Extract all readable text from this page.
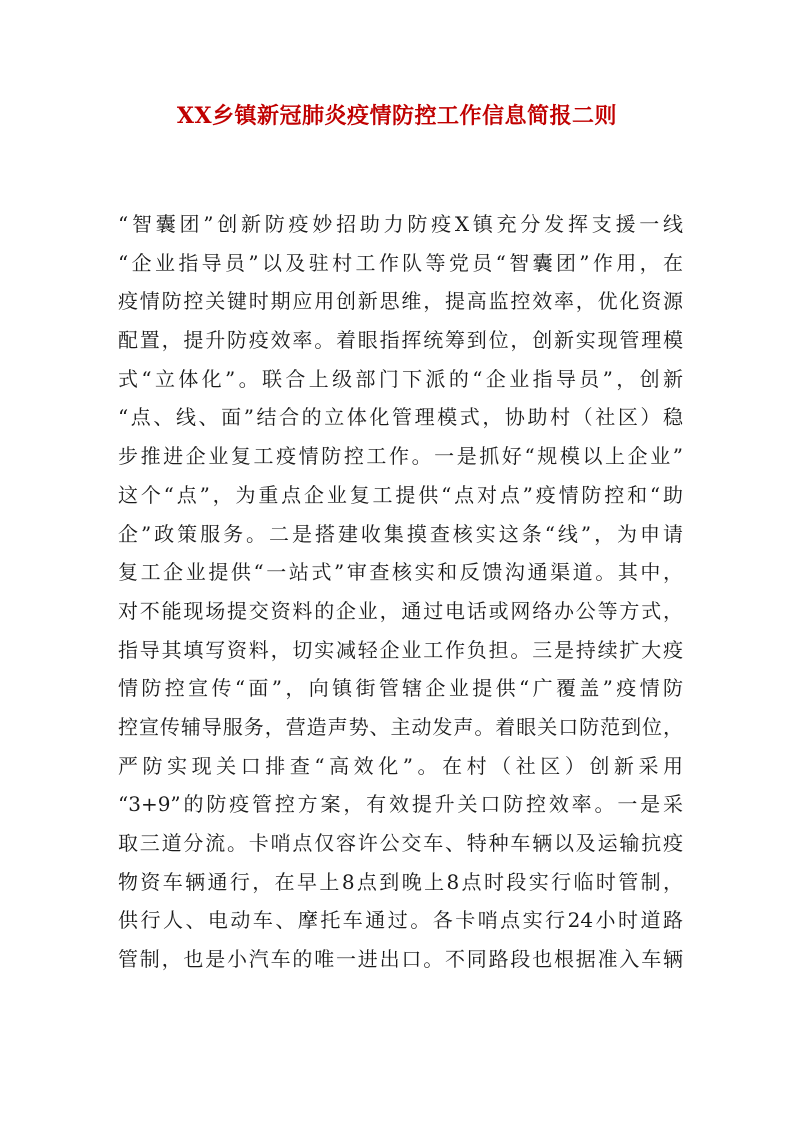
XX乡镇新冠肺炎疫情防控工作信息简报二则
“智囊团”创新防疫妙招助力防疫X镇充分发挥支援一线
“企业指导员”以及驻村工作队等党员“智囊团”作用，在
疫情防控关键时期应用创新思维，提高监控效率，优化资源
配置，提升防疫效率。着眼指挥统筹到位，创新实现管理模
式“立体化”。联合上级部门下派的“企业指导员”，创新
“点、线、面”结合的立体化管理模式，协助村（社区）稳
步推进企业复工疫情防控工作。一是抓好“规模以上企业”
这个“点”，为重点企业复工提供“点对点”疫情防控和“助
企”政策服务。二是搭建收集摸查核实这条“线”，为申请
复工企业提供“一站式”审查核实和反馈沟通渠道。其中，
对不能现场提交资料的企业，通过电话或网络办公等方式，
指导其填写资料，切实减轻企业工作负担。三是持续扩大疫
情防控宣传“面”，向镇街管辖企业提供“广覆盖”疫情防
控宣传辅导服务，营造声势、主动发声。着眼关口防范到位，
严防实现关口排查“高效化”。在村（社区）创新采用
“3+9”的防疫管控方案，有效提升关口防控效率。一是采
取三道分流。卡哨点仅容许公交车、特种车辆以及运输抗疫
物资车辆通行，在早上8点到晚上8点时段实行临时管制，
供行人、电动车、摩托车通过。各卡哨点实行24小时道路
管制，也是小汽车的唯一进出口。不同路段也根据准入车辆
